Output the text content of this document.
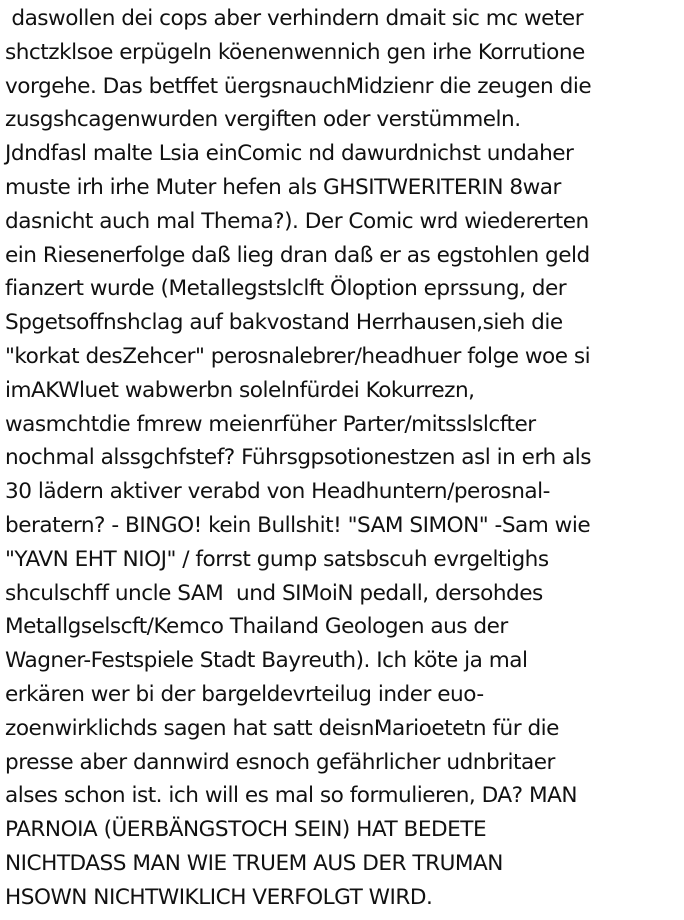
daswollen dei cops aber verhindern dmait sic mc weter
shctzklsoe erpügeln köenenwennich gen irhe Korrutione
vorgehe. Das betffet üergsnauchMidzienr die zeugen die
zusgshcagenwurden vergiften oder verstümmeln.
Jdndfasl malte Lsia einComic nd dawurdnichst undaher
muste irh irhe Muter hefen als GHSITWERITERIN 8war
dasnicht auch mal Thema?). Der Comic wrd wiedererten
ein Riesenerfolge daß lieg dran daß er as egstohlen geld
fianzert wurde (Metallegstslclft Öloption eprssung, der
Spgetsoffnshclag auf bakvostand Herrhausen,sieh die
"korkat desZehcer" perosnalebrer/headhuer folge woe si
imAKWluet wabwerbn solelnfürdei Kokurrezn,
wasmchtdie fmrew meienrfüher Parter/mitsslslcfter
nochmal alssgchfstef? Führsgpsotionestzen asl in erh als
30 lädern aktiver verabd von Headhuntern/perosnal-
beratern? - BINGO! kein Bullshit! "SAM SIMON" -Sam wie
"YAVN EHT NIOJ" / forrst gump satsbscuh evrgeltighs
shculschff uncle SAM  und SIMoiN pedall, dersohdes
Metallgselscft/Kemco Thailand Geologen aus der
Wagner-Festspiele Stadt Bayreuth). Ich köte ja mal
erkären wer bi der bargeldevrteilug inder euo-
zoenwirklichds sagen hat satt deisnMarioetetn für die
presse aber dannwird esnoch gefährlicher udnbritaer
alses schon ist. ich will es mal so formulieren, DA? MAN
PARNOIA (ÜERBÄNGSTOCH SEIN) HAT BEDETE
NICHTDASS MAN WIE TRUEM AUS DER TRUMAN
HSOWN NICHTWIKLICH VERFOLGT WIRD.
